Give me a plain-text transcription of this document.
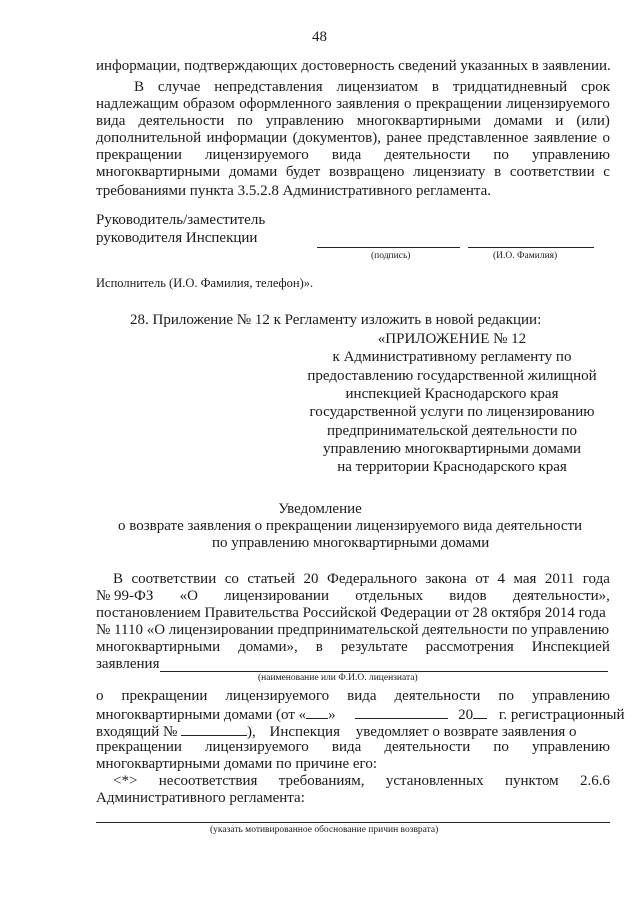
48
информации, подтверждающих достоверность сведений указанных в заявлении.
В случае непредставления лицензиатом в тридцатидневный срок
надлежащим образом оформленного заявления о прекращении лицензируемого
вида деятельности по управлению многоквартирными домами и (или)
дополнительной информации (документов), ранее представленное заявление о
прекращении лицензируемого вида деятельности по управлению
многоквартирными домами будет возвращено лицензиату в соответствии с
требованиями пункта 3.5.2.8 Административного регламента.
Руководитель/заместитель
руководителя Инспекции
(подпись)	(И.О. Фамилия)
Исполнитель (И.О. Фамилия, телефон)».
28. Приложение № 12 к Регламенту изложить в новой редакции:
«ПРИЛОЖЕНИЕ № 12
к Административному регламенту по
предоставлению государственной жилищной
инспекцией Краснодарского края
государственной услуги по лицензированию
предпринимательской деятельности по
управлению многоквартирными домами
на территории Краснодарского края
Уведомление
о возврате заявления о прекращении лицензируемого вида деятельности
по управлению многоквартирными домами
В соответствии со статьей 20 Федерального закона от 4 мая 2011 года
№ 99-ФЗ «О лицензировании отдельных видов деятельности»,
постановлением Правительства Российской Федерации от 28 октября 2014 года
№ 1110 «О лицензировании предпринимательской деятельности по управлению
многоквартирными домами», в результате рассмотрения Инспекцией
заявления
(наименование или Ф.И.О. лицензиата)
о прекращении лицензируемого вида деятельности по управлению
многоквартирными домами (от « »	20 г. регистрационный
входящий №	), Инспекция уведомляет о возврате заявления о
прекращении лицензируемого вида деятельности по управлению
многоквартирными домами по причине его:
<*> несоответствия требованиям, установленных пунктом 2.6.6
Административного регламента:
(указать мотивированное обоснование причин возврата)
